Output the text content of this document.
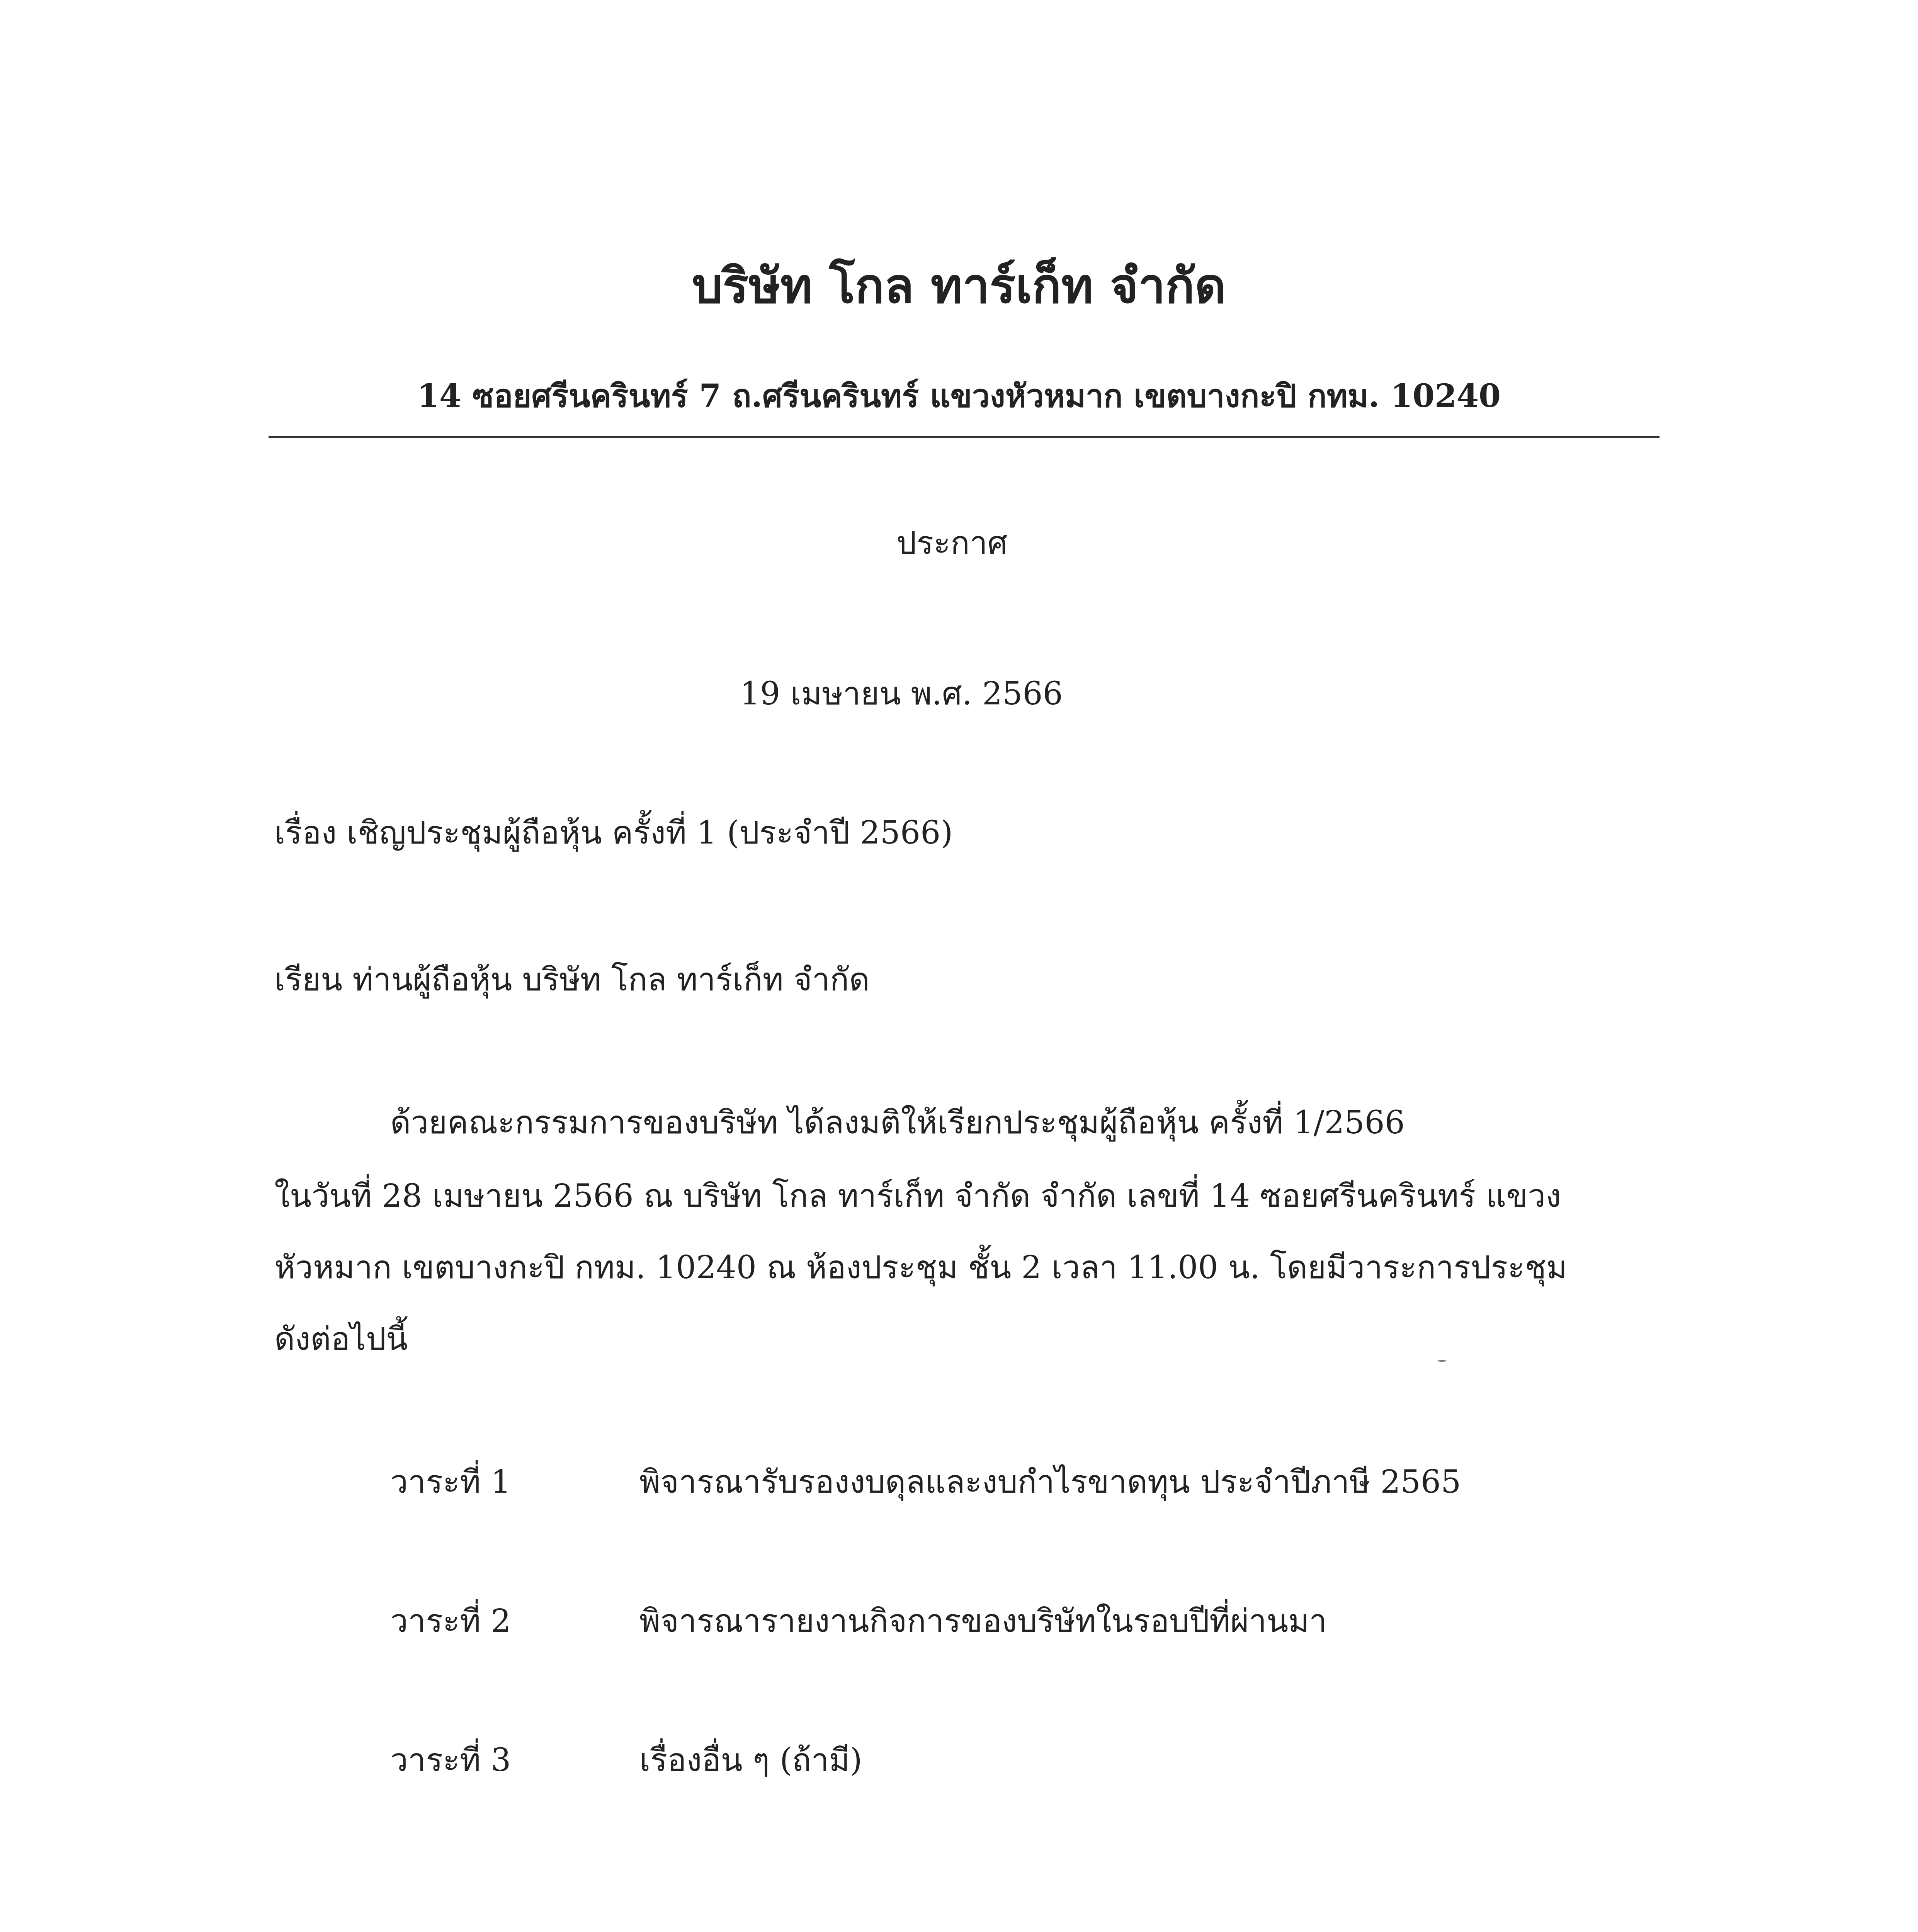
บริษัท โกล ทาร์เก็ท จำกัด
14 ซอยศรีนครินทร์ 7 ถ.ศรีนครินทร์ แขวงหัวหมาก เขตบางกะปิ กทม. 10240
ประกาศ
19 เมษายน พ.ศ. 2566
เรื่อง เชิญประชุมผู้ถือหุ้น ครั้งที่ 1 (ประจำปี 2566)
เรียน ท่านผู้ถือหุ้น บริษัท โกล ทาร์เก็ท จำกัด
ด้วยคณะกรรมการของบริษัท ได้ลงมติให้เรียกประชุมผู้ถือหุ้น ครั้งที่ 1/2566
ในวันที่ 28 เมษายน 2566 ณ บริษัท โกล ทาร์เก็ท จำกัด จำกัด เลขที่ 14 ซอยศรีนครินทร์ แขวง
หัวหมาก เขตบางกะปิ กทม. 10240 ณ ห้องประชุม ชั้น 2 เวลา 11.00 น. โดยมีวาระการประชุม
ดังต่อไปนี้
วาระที่ 1	พิจารณารับรองงบดุลและงบกำไรขาดทุน ประจำปีภาษี 2565
วาระที่ 2	พิจารณารายงานกิจการของบริษัทในรอบปีที่ผ่านมา
วาระที่ 3	เรื่องอื่น ๆ (ถ้ามี)
